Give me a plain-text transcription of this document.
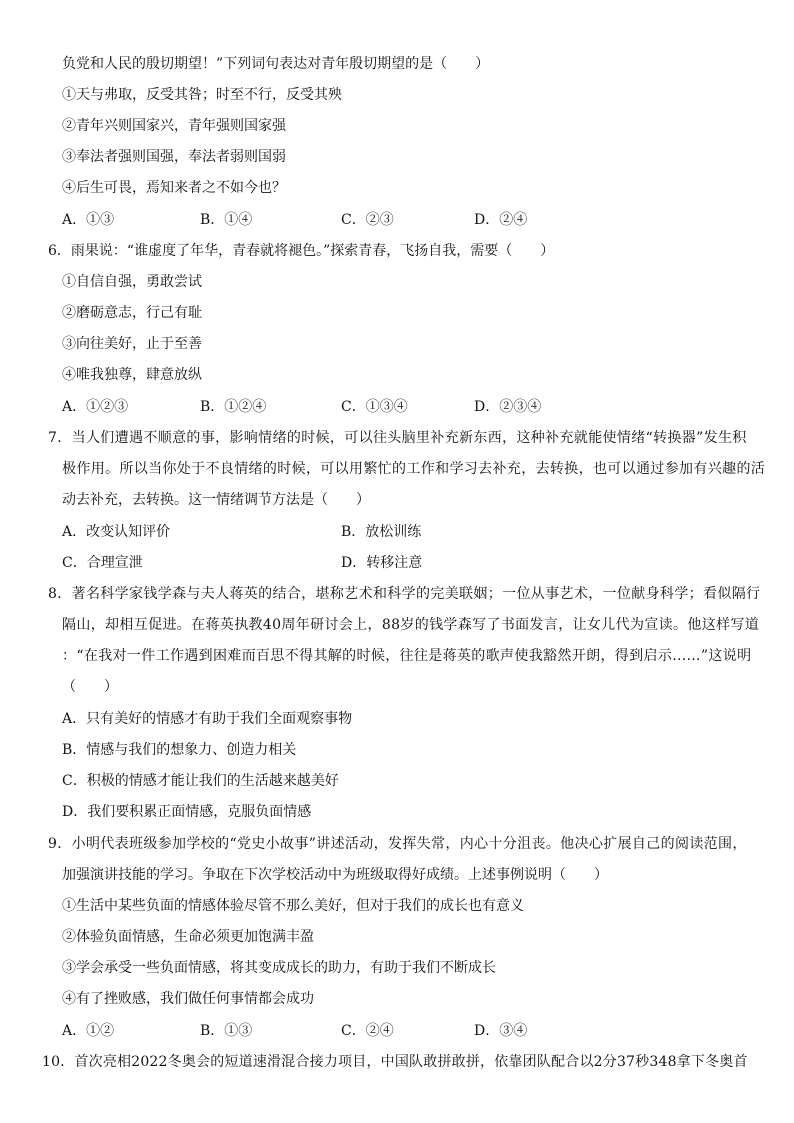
负党和人民的殷切期望！”下列词句表达对青年殷切期望的是（　　）
①天与弗取，反受其咎；时至不行，反受其殃
②青年兴则国家兴，青年强则国家强
③奉法者强则国强，奉法者弱则国弱
④后生可畏，焉知来者之不如今也？
A．①③	B．①④	C．②③	D．②④
6．雨果说：“谁虚度了年华，青春就将褪色。”探索青春，飞扬自我，需要（　　）
①自信自强，勇敢尝试
②磨砺意志，行己有耻
③向往美好，止于至善
④唯我独尊，肆意放纵
A．①②③	B．①②④	C．①③④	D．②③④
7．当人们遭遇不顺意的事，影响情绪的时候，可以往头脑里补充新东西，这种补充就能使情绪“转换器”发生积
极作用。所以当你处于不良情绪的时候，可以用繁忙的工作和学习去补充，去转换，也可以通过参加有兴趣的活
动去补充，去转换。这一情绪调节方法是（　　）
A．改变认知评价	B．放松训练
C．合理宣泄	D．转移注意
8．著名科学家钱学森与夫人蒋英的结合，堪称艺术和科学的完美联姻；一位从事艺术，一位献身科学；看似隔行
隔山，却相互促进。在蒋英执教40周年研讨会上，88岁的钱学森写了书面发言，让女儿代为宣读。他这样写道
：“在我对一件工作遇到困难而百思不得其解的时候，往往是蒋英的歌声使我豁然开朗，得到启示……”这说明
（　　）
A．只有美好的情感才有助于我们全面观察事物
B．情感与我们的想象力、创造力相关
C．积极的情感才能让我们的生活越来越美好
D．我们要积累正面情感，克服负面情感
9．小明代表班级参加学校的“党史小故事”讲述活动，发挥失常，内心十分沮丧。他决心扩展自己的阅读范围，
加强演讲技能的学习。争取在下次学校活动中为班级取得好成绩。上述事例说明（　　）
①生活中某些负面的情感体验尽管不那么美好，但对于我们的成长也有意义
②体验负面情感，生命必须更加饱满丰盈
③学会承受一些负面情感，将其变成成长的助力，有助于我们不断成长
④有了挫败感，我们做任何事情都会成功
A．①②	B．①③	C．②④	D．③④
10．首次亮相2022冬奥会的短道速滑混合接力项目，中国队敢拼敢拼，依靠团队配合以2分37秒348拿下冬奥首
